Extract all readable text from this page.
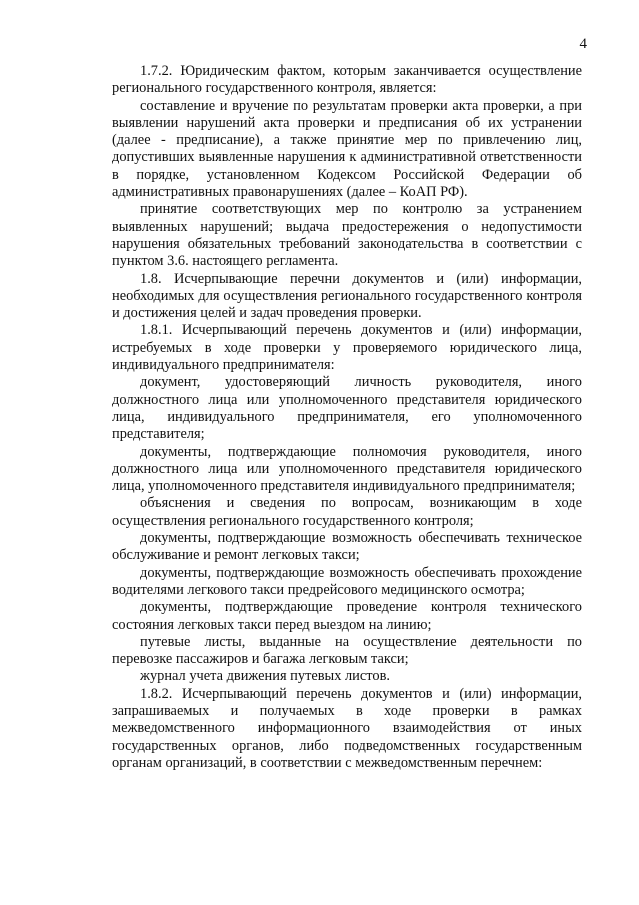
4

1.7.2. Юридическим фактом, которым заканчивается осуществление регионального государственного контроля, является:

составление и вручение по результатам проверки акта проверки, а при выявлении нарушений акта проверки и предписания об их устранении (далее - предписание), а также принятие мер по привлечению лиц, допустивших выявленные нарушения к административной ответственности в порядке, установленном Кодексом Российской Федерации об административных правонарушениях (далее – КоАП РФ).

принятие соответствующих мер по контролю за устранением выявленных нарушений; выдача предостережения о недопустимости нарушения обязательных требований законодательства в соответствии с пунктом 3.6. настоящего регламента.

1.8. Исчерпывающие перечни документов и (или) информации, необходимых для осуществления регионального государственного контроля и достижения целей и задач проведения проверки.

1.8.1. Исчерпывающий перечень документов и (или) информации, истребуемых в ходе проверки у проверяемого юридического лица, индивидуального предпринимателя:

документ, удостоверяющий личность руководителя, иного должностного лица или уполномоченного представителя юридического лица, индивидуального предпринимателя, его уполномоченного представителя;

документы, подтверждающие полномочия руководителя, иного должностного лица или уполномоченного представителя юридического лица, уполномоченного представителя индивидуального предпринимателя;

объяснения и сведения по вопросам, возникающим в ходе осуществления регионального государственного контроля;

документы, подтверждающие возможность обеспечивать техническое обслуживание и ремонт легковых такси;

документы, подтверждающие возможность обеспечивать прохождение водителями легкового такси предрейсового медицинского осмотра;

документы, подтверждающие проведение контроля технического состояния легковых такси перед выездом на линию;

путевые листы, выданные на осуществление деятельности по перевозке пассажиров и багажа легковым такси;

журнал учета движения путевых листов.

1.8.2. Исчерпывающий перечень документов и (или) информации, запрашиваемых и получаемых в ходе проверки в рамках межведомственного информационного взаимодействия от иных государственных органов, либо подведомственных государственным органам организаций, в соответствии с межведомственным перечнем:
